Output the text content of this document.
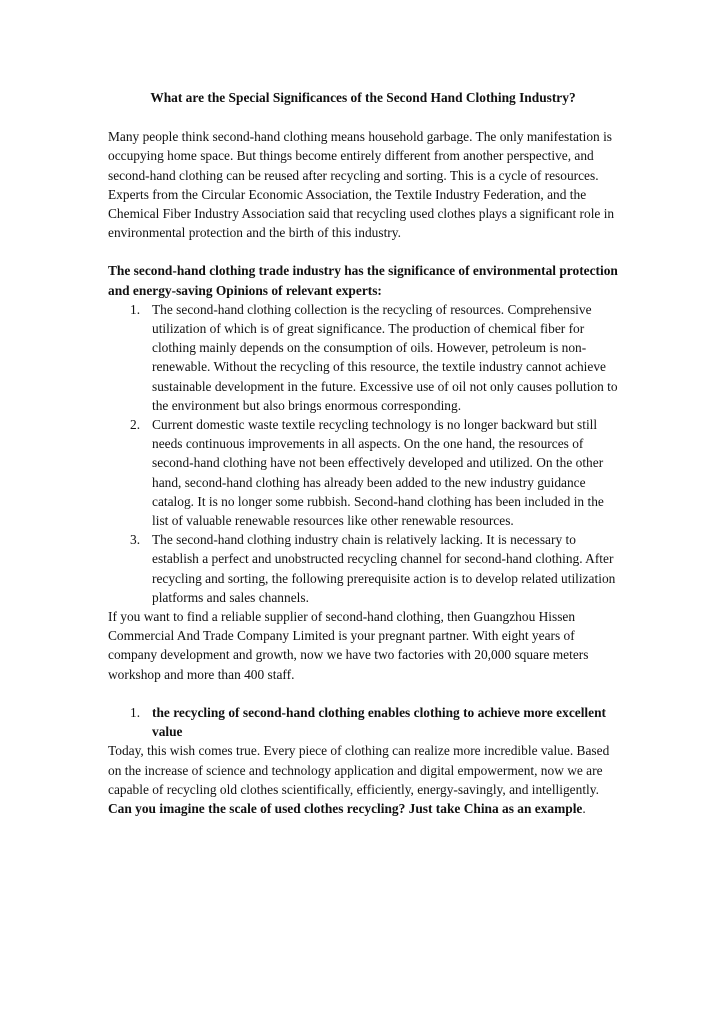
What are the Special Significances of the Second Hand Clothing Industry?

Many people think second-hand clothing means household garbage. The only manifestation is occupying home space. But things become entirely different from another perspective, and second-hand clothing can be reused after recycling and sorting. This is a cycle of resources. Experts from the Circular Economic Association, the Textile Industry Federation, and the Chemical Fiber Industry Association said that recycling used clothes plays a significant role in environmental protection and the birth of this industry.

The second-hand clothing trade industry has the significance of environmental protection and energy-saving Opinions of relevant experts:

1. The second-hand clothing collection is the recycling of resources. Comprehensive utilization of which is of great significance. The production of chemical fiber for clothing mainly depends on the consumption of oils. However, petroleum is non-renewable. Without the recycling of this resource, the textile industry cannot achieve sustainable development in the future. Excessive use of oil not only causes pollution to the environment but also brings enormous corresponding.
2. Current domestic waste textile recycling technology is no longer backward but still needs continuous improvements in all aspects. On the one hand, the resources of second-hand clothing have not been effectively developed and utilized. On the other hand, second-hand clothing has already been added to the new industry guidance catalog. It is no longer some rubbish. Second-hand clothing has been included in the list of valuable renewable resources like other renewable resources.
3. The second-hand clothing industry chain is relatively lacking. It is necessary to establish a perfect and unobstructed recycling channel for second-hand clothing. After recycling and sorting, the following prerequisite action is to develop related utilization platforms and sales channels.

If you want to find a reliable supplier of second-hand clothing, then Guangzhou Hissen Commercial And Trade Company Limited is your pregnant partner. With eight years of company development and growth, now we have two factories with 20,000 square meters workshop and more than 400 staff.

1. the recycling of second-hand clothing enables clothing to achieve more excellent value

Today, this wish comes true. Every piece of clothing can realize more incredible value. Based on the increase of science and technology application and digital empowerment, now we are capable of recycling old clothes scientifically, efficiently, energy-savingly, and intelligently.

Can you imagine the scale of used clothes recycling? Just take China as an example.
